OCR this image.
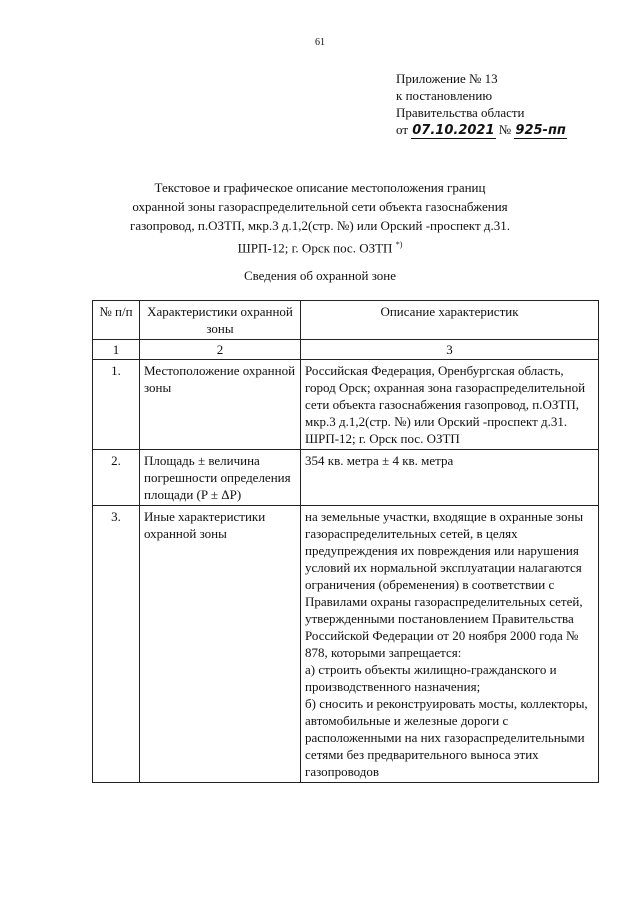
61
Приложение № 13
к постановлению
Правительства области
от 07.10.2021 № 925-пп
Текстовое и графическое описание местоположения границ
охранной зоны газораспределительной сети объекта газоснабжения
газопровод, п.ОЗТП, мкр.3 д.1,2(стр. №) или Орский -проспект д.31.
ШРП-12; г. Орск пос. ОЗТП *)
Сведения об охранной зоне
№ п/п	Характеристики охранной зоны	Описание характеристик
1	2	3
1.	Местоположение охранной зоны	Российская Федерация, Оренбургская область, город Орск; охранная зона газораспределительной сети объекта газоснабжения газопровод, п.ОЗТП, мкр.3 д.1,2(стр. №) или Орский -проспект д.31. ШРП-12; г. Орск пос. ОЗТП
2.	Площадь ± величина погрешности определения площади (P ± ΔP)	354 кв. метра ± 4 кв. метра
3.	Иные характеристики охранной зоны	на земельные участки, входящие в охранные зоны газораспределительных сетей, в целях предупреждения их повреждения или нарушения условий их нормальной эксплуатации налагаются ограничения (обременения) в соответствии с Правилами охраны газораспределительных сетей, утвержденными постановлением Правительства Российской Федерации от 20 ноября 2000 года № 878, которыми запрещается:
а) строить объекты жилищно-гражданского и производственного назначения;
б) сносить и реконструировать мосты, коллекторы, автомобильные и железные дороги с расположенными на них газораспределительными сетями без предварительного выноса этих газопроводов
